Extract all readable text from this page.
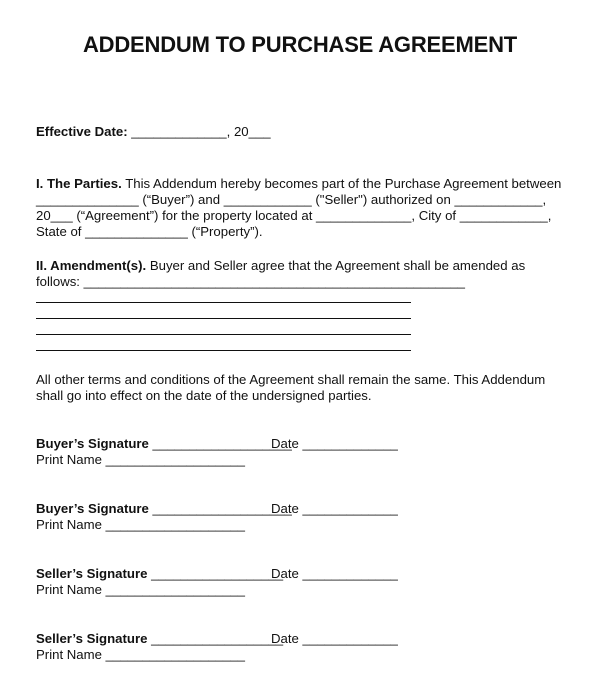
ADDENDUM TO PURCHASE AGREEMENT
Effective Date: _____________, 20___
I. The Parties. This Addendum hereby becomes part of the Purchase Agreement between
______________ (“Buyer”) and ____________ ("Seller") authorized on ____________,
20___ (“Agreement”) for the property located at _____________, City of ____________,
State of ______________ (“Property”).
II. Amendment(s). Buyer and Seller agree that the Agreement shall be amended as
follows: ____________________________________________________
All other terms and conditions of the Agreement shall remain the same. This Addendum
shall go into effect on the date of the undersigned parties.
Buyer’s Signature ___________________
Date _____________
Print Name ___________________
Buyer’s Signature ___________________
Date _____________
Print Name ___________________
Seller’s Signature __________________
Date _____________
Print Name ___________________
Seller’s Signature __________________
Date _____________
Print Name ___________________
